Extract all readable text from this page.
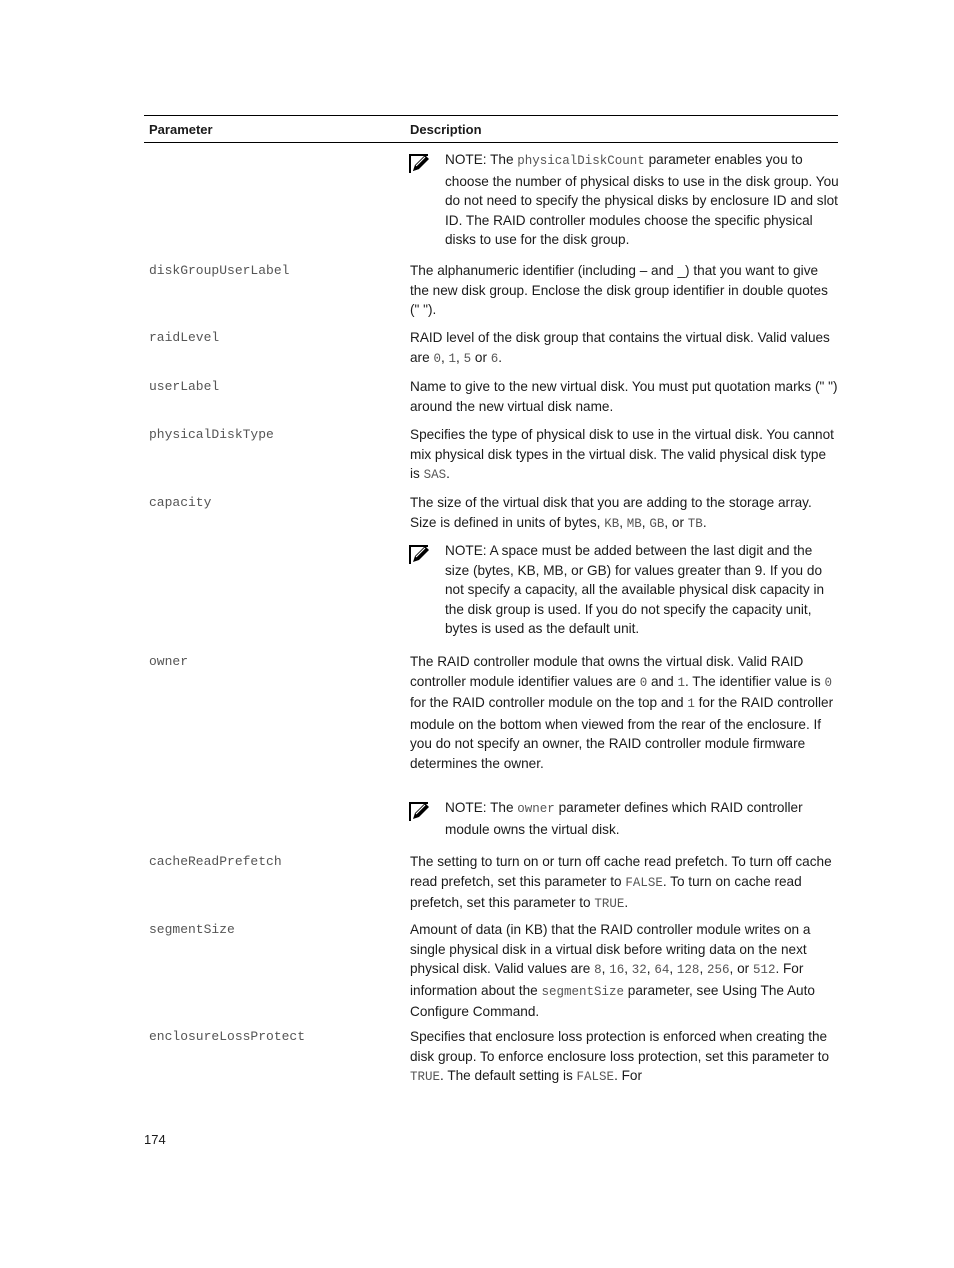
Parameter	Description
NOTE: The physicalDiskCount parameter enables you to choose the number of physical disks to use in the disk group. You do not need to specify the physical disks by enclosure ID and slot ID. The RAID controller modules choose the specific physical disks to use for the disk group.
diskGroupUserLabel	The alphanumeric identifier (including – and _) that you want to give the new disk group. Enclose the disk group identifier in double quotes (" ").
raidLevel	RAID level of the disk group that contains the virtual disk. Valid values are 0, 1, 5 or 6.
userLabel	Name to give to the new virtual disk. You must put quotation marks (" ") around the new virtual disk name.
physicalDiskType	Specifies the type of physical disk to use in the virtual disk. You cannot mix physical disk types in the virtual disk. The valid physical disk type is SAS.
capacity	The size of the virtual disk that you are adding to the storage array. Size is defined in units of bytes, KB, MB, GB, or TB.
NOTE: A space must be added between the last digit and the size (bytes, KB, MB, or GB) for values greater than 9. If you do not specify a capacity, all the available physical disk capacity in the disk group is used. If you do not specify the capacity unit, bytes is used as the default unit.
owner	The RAID controller module that owns the virtual disk. Valid RAID controller module identifier values are 0 and 1. The identifier value is 0 for the RAID controller module on the top and 1 for the RAID controller module on the bottom when viewed from the rear of the enclosure. If you do not specify an owner, the RAID controller module firmware determines the owner.
NOTE: The owner parameter defines which RAID controller module owns the virtual disk.
cacheReadPrefetch	The setting to turn on or turn off cache read prefetch. To turn off cache read prefetch, set this parameter to FALSE. To turn on cache read prefetch, set this parameter to TRUE.
segmentSize	Amount of data (in KB) that the RAID controller module writes on a single physical disk in a virtual disk before writing data on the next physical disk. Valid values are 8, 16, 32, 64, 128, 256, or 512. For information about the segmentSize parameter, see Using The Auto Configure Command.
enclosureLossProtect	Specifies that enclosure loss protection is enforced when creating the disk group. To enforce enclosure loss protection, set this parameter to TRUE. The default setting is FALSE. For
174
